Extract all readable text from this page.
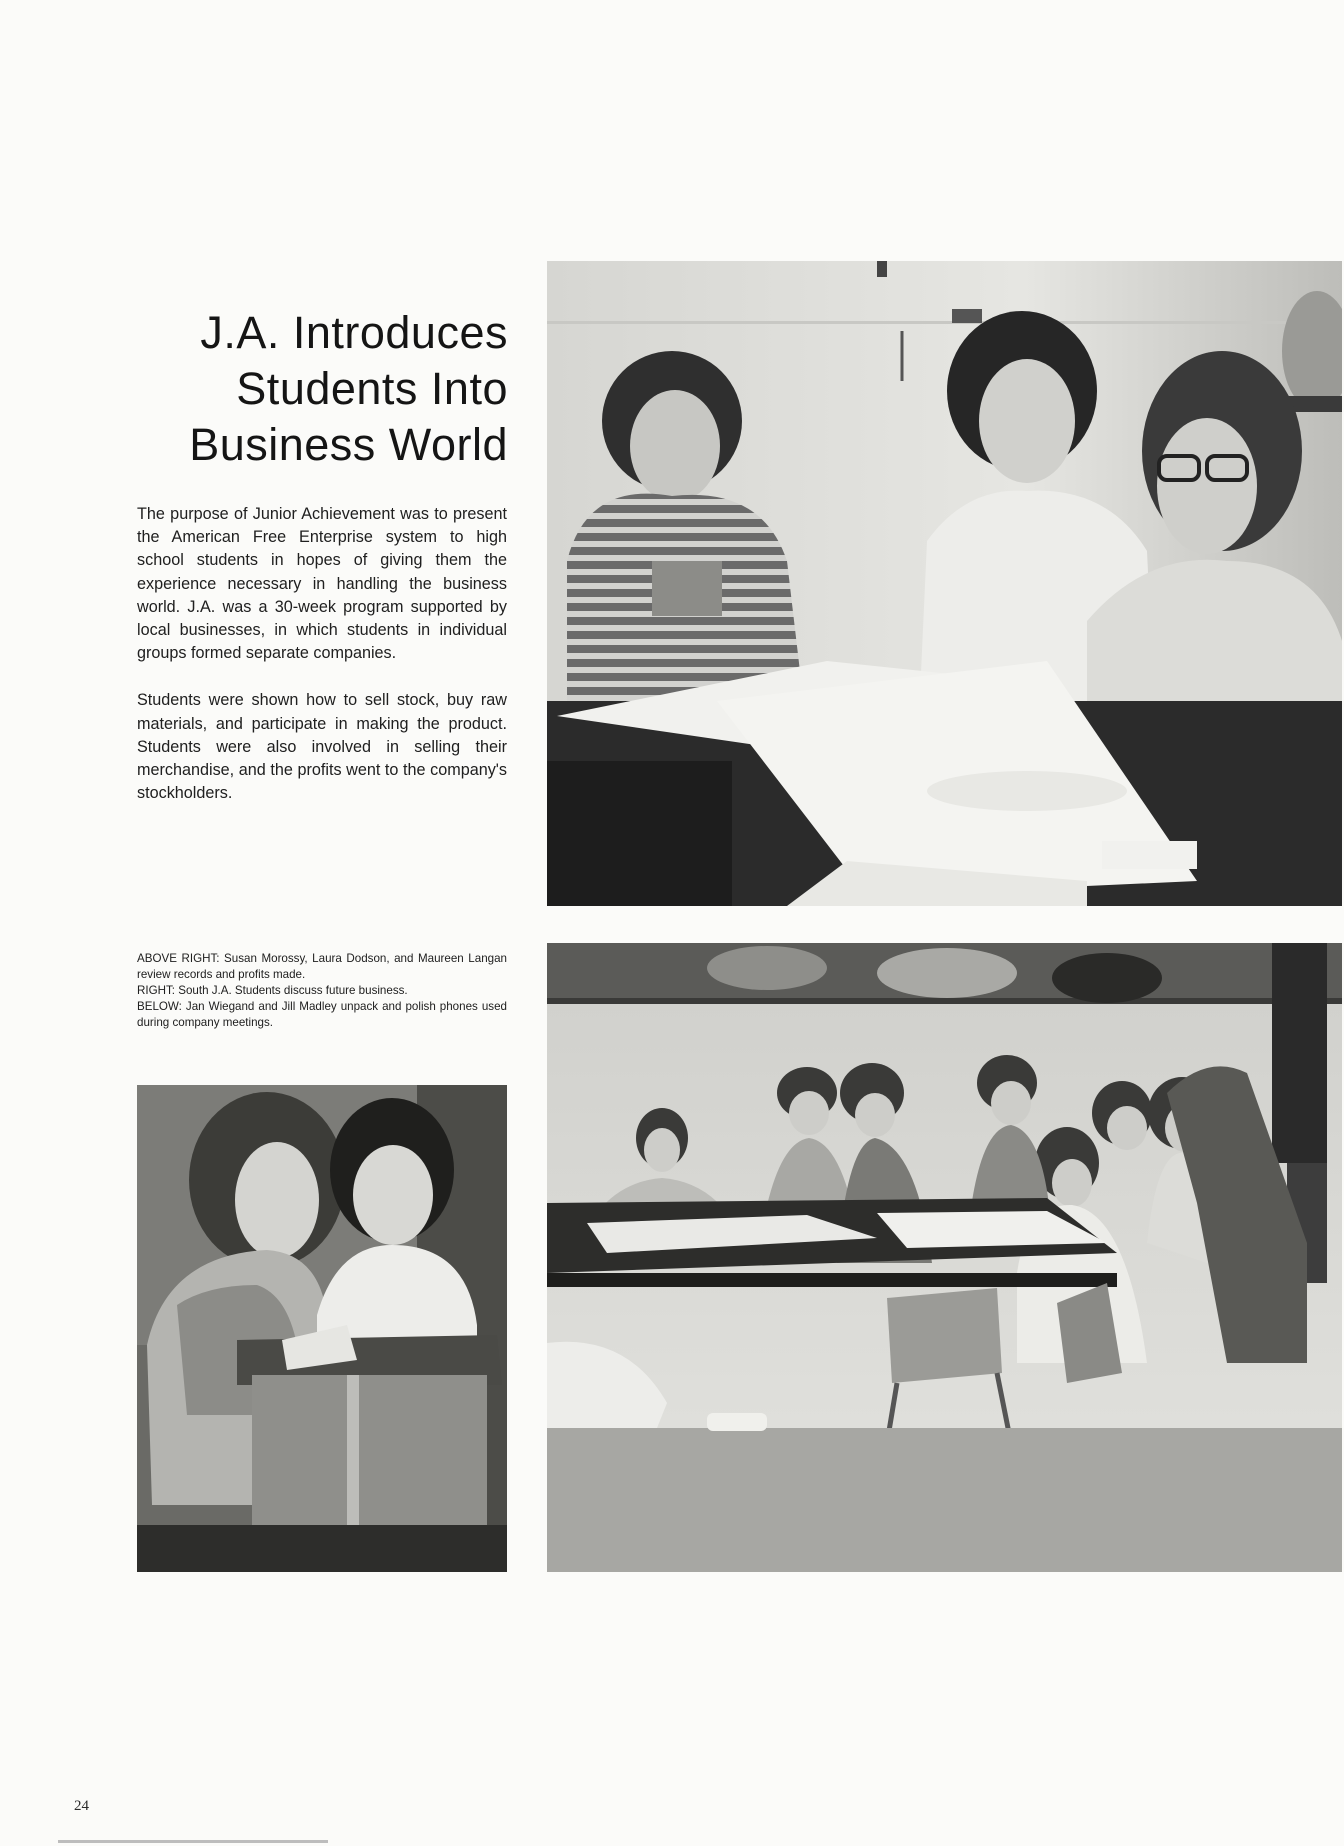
J.A. Introduces
Students Into
Business World

The purpose of Junior Achievement was to present the American Free Enterprise system to high school students in hopes of giving them the experience necessary in handling the business world. J.A. was a 30-week program supported by local businesses, in which students in individual groups formed separate companies.

Students were shown how to sell stock, buy raw materials, and participate in making the product. Students were also involved in selling their merchandise, and the profits went to the company's stockholders.

ABOVE RIGHT: Susan Morossy, Laura Dodson, and Maureen Langan review records and profits made.
RIGHT: South J.A. Students discuss future business.
BELOW: Jan Wiegand and Jill Madley unpack and polish phones used during company meetings.
24
